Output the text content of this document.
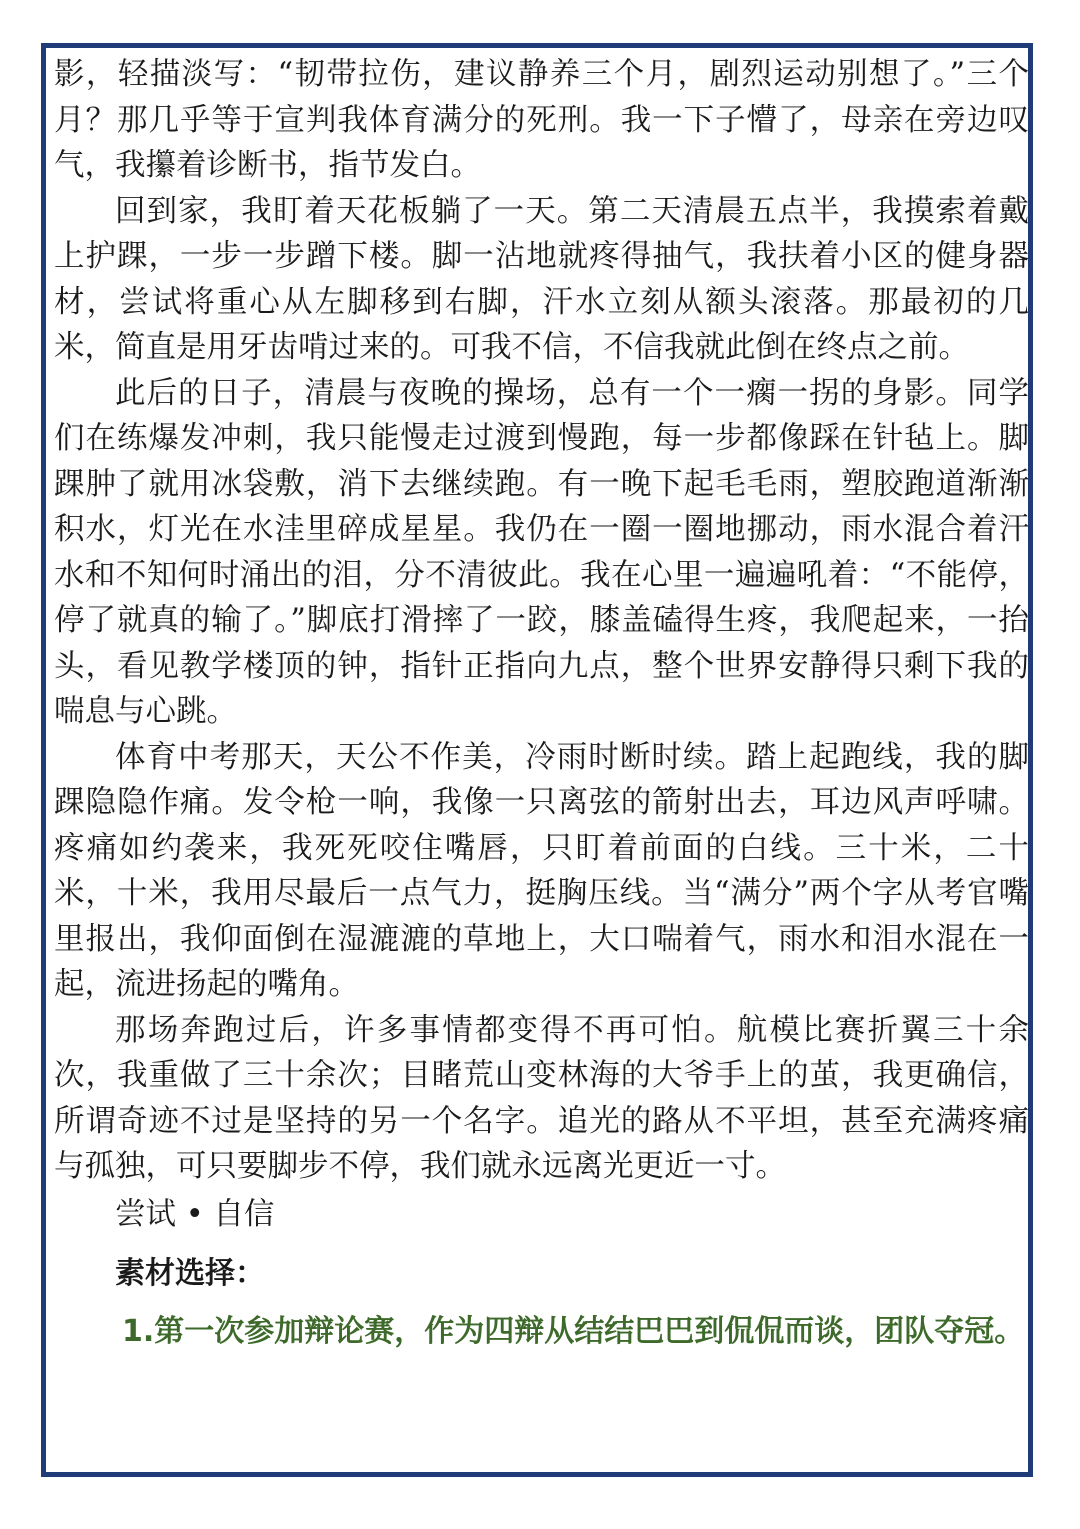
影，轻描淡写：“韧带拉伤，建议静养三个月，剧烈运动别想了。”三个月？那几乎等于宣判我体育满分的死刑。我一下子懵了，母亲在旁边叹气，我攥着诊断书，指节发白。

回到家，我盯着天花板躺了一天。第二天清晨五点半，我摸索着戴上护踝，一步一步蹭下楼。脚一沾地就疼得抽气，我扶着小区的健身器材，尝试将重心从左脚移到右脚，汗水立刻从额头滚落。那最初的几米，简直是用牙齿啃过来的。可我不信，不信我就此倒在终点之前。

此后的日子，清晨与夜晚的操场，总有一个一瘸一拐的身影。同学们在练爆发冲刺，我只能慢走过渡到慢跑，每一步都像踩在针毡上。脚踝肿了就用冰袋敷，消下去继续跑。有一晚下起毛毛雨，塑胶跑道渐渐积水，灯光在水洼里碎成星星。我仍在一圈一圈地挪动，雨水混合着汗水和不知何时涌出的泪，分不清彼此。我在心里一遍遍吼着：“不能停，停了就真的输了。”脚底打滑摔了一跤，膝盖磕得生疼，我爬起来，一抬头，看见教学楼顶的钟，指针正指向九点，整个世界安静得只剩下我的喘息与心跳。

体育中考那天，天公不作美，冷雨时断时续。踏上起跑线，我的脚踝隐隐作痛。发令枪一响，我像一只离弦的箭射出去，耳边风声呼啸。疼痛如约袭来，我死死咬住嘴唇，只盯着前面的白线。三十米，二十米，十米，我用尽最后一点气力，挺胸压线。当“满分”两个字从考官嘴里报出，我仰面倒在湿漉漉的草地上，大口喘着气，雨水和泪水混在一起，流进扬起的嘴角。

那场奔跑过后，许多事情都变得不再可怕。航模比赛折翼三十余次，我重做了三十余次；目睹荒山变林海的大爷手上的茧，我更确信，所谓奇迹不过是坚持的另一个名字。追光的路从不平坦，甚至充满疼痛与孤独，可只要脚步不停，我们就永远离光更近一寸。

尝试 • 自信

素材选择：

1.第一次参加辩论赛，作为四辩从结结巴巴到侃侃而谈，团队夺冠。
